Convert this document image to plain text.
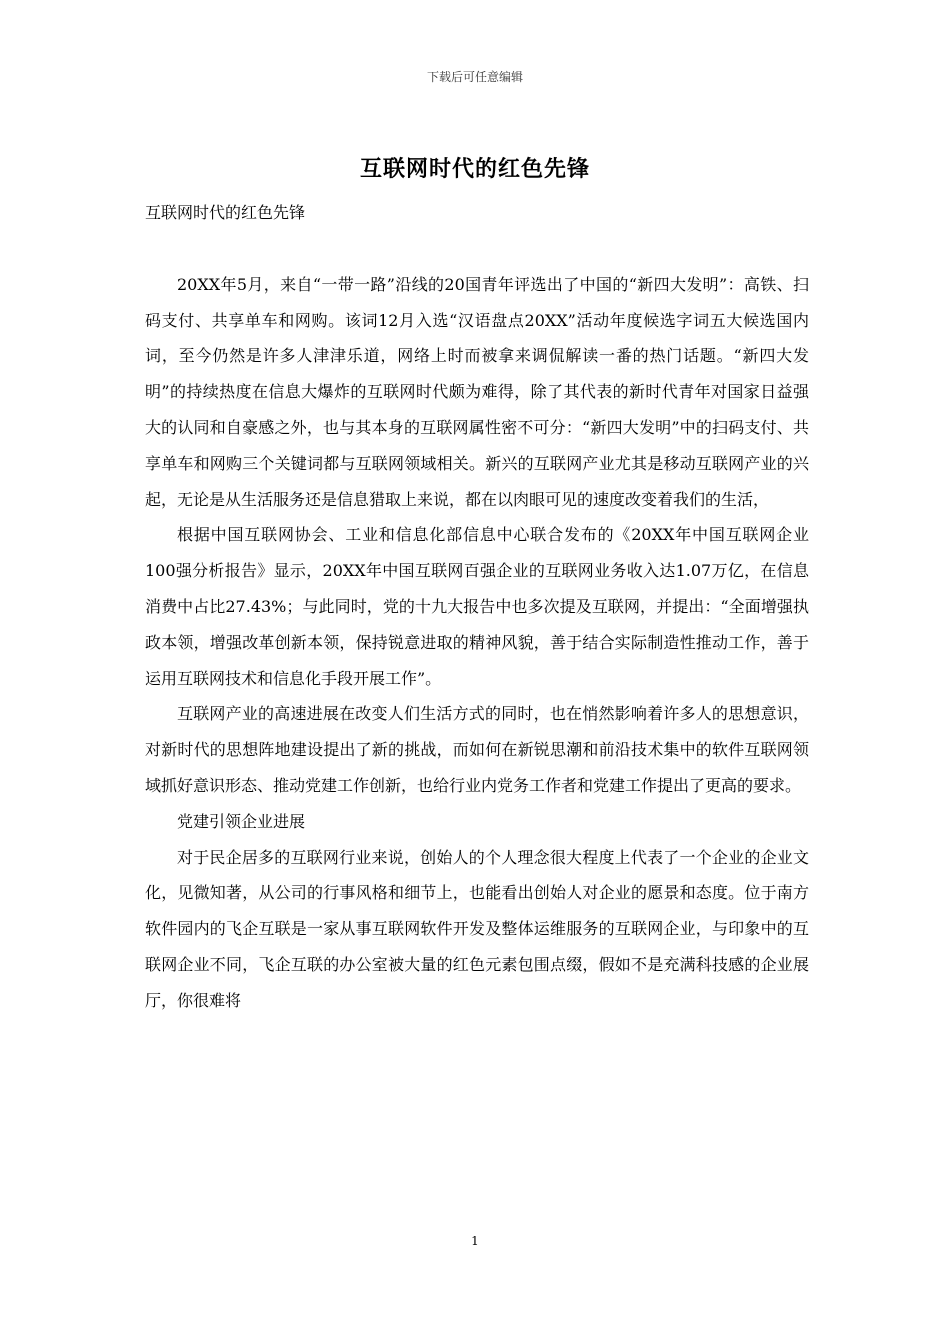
下载后可任意编辑
互联网时代的红色先锋

互联网时代的红色先锋

20XX年5月，来自“一带一路”沿线的20国青年评选出了中国的“新四大发明”：高铁、扫码支付、共享单车和网购。该词12月入选“汉语盘点20XX”活动年度候选字词五大候选国内词，至今仍然是许多人津津乐道，网络上时而被拿来调侃解读一番的热门话题。“新四大发明”的持续热度在信息大爆炸的互联网时代颇为难得，除了其代表的新时代青年对国家日益强大的认同和自豪感之外，也与其本身的互联网属性密不可分：“新四大发明”中的扫码支付、共享单车和网购三个关键词都与互联网领域相关。新兴的互联网产业尤其是移动互联网产业的兴起，无论是从生活服务还是信息猎取上来说，都在以肉眼可见的速度改变着我们的生活，

根据中国互联网协会、工业和信息化部信息中心联合发布的《20XX年中国互联网企业100强分析报告》显示，20XX年中国互联网百强企业的互联网业务收入达1.07万亿，在信息消费中占比27.43%；与此同时，党的十九大报告中也多次提及互联网，并提出：“全面增强执政本领，增强改革创新本领，保持锐意进取的精神风貌，善于结合实际制造性推动工作，善于运用互联网技术和信息化手段开展工作”。

互联网产业的高速进展在改变人们生活方式的同时，也在悄然影响着许多人的思想意识，对新时代的思想阵地建设提出了新的挑战，而如何在新锐思潮和前沿技术集中的软件互联网领域抓好意识形态、推动党建工作创新，也给行业内党务工作者和党建工作提出了更高的要求。

党建引领企业进展

对于民企居多的互联网行业来说，创始人的个人理念很大程度上代表了一个企业的企业文化，见微知著，从公司的行事风格和细节上，也能看出创始人对企业的愿景和态度。位于南方软件园内的飞企互联是一家从事互联网软件开发及整体运维服务的互联网企业，与印象中的互联网企业不同，飞企互联的办公室被大量的红色元素包围点缀，假如不是充满科技感的企业展厅，你很难将

1
